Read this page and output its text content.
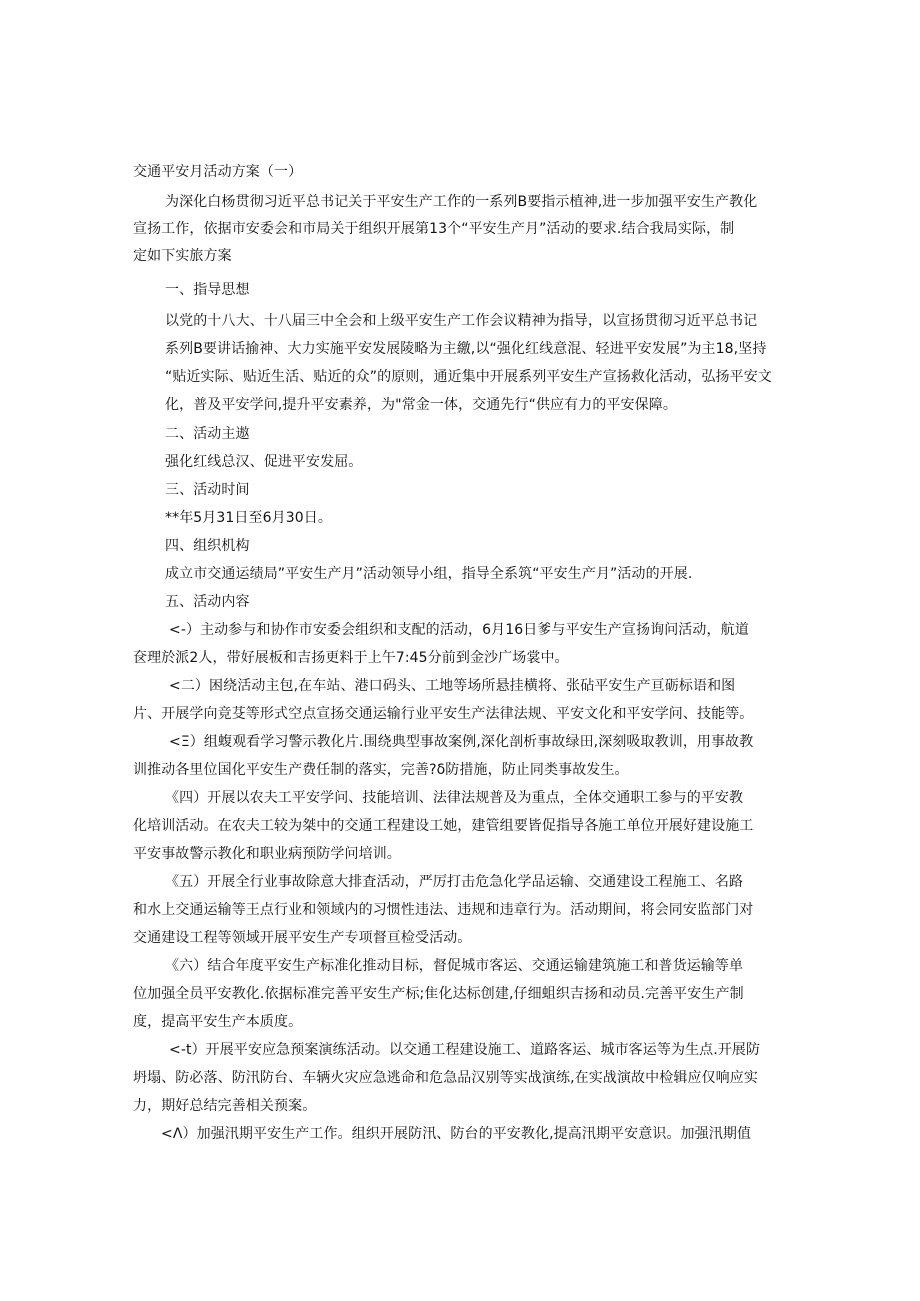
交通平安月活动方案（一）
为深化白杨贯彻习近平总书记关于平安生产工作的一系列B要指示植神,进一步加强平安生产教化
宣扬工作，依据市安委会和市局关于组织开展第13个“平安生产月”活动的要求.结合我局实际，制
定如下实旅方案
一、指导思想
以党的十八大、十八届三中全会和上级平安生产工作会议精神为指导，以宣扬贯彻习近平总书记
系列B要讲话揄神、大力实施平安发展陵略为主繳,以“强化红线意混、轻进平安发展”为主18,坚持
“贴近实际、贴近生活、贴近的众”的原则，通近集中开展系列平安生产宣扬救化活动，弘扬平安文
化，普及平安学问,提升平安素养，为"常金一体，交通先行“供应有力的平安保障。
二、活动主遨
强化红线总汉、促进平安发屈。
三、活动时间
**年5月31日至6月30日。
四、组织机构
成立市交通运绩局”平安生产月”活动领导小组，指导全系筑“平安生产月”活动的开展.
五、活动内容
<-）主动参与和协作市安委会组织和支配的活动，6月16日爹与平安生产宣扬询问活动，航道
奁理於派2人，带好展板和吉扬更料于上午7:45分前到金沙广场裳中。
<二）困绕活动主包,在车站、港口码头、工地等场所悬挂横将、张砧平安生产亘砺标语和图
片、开展学向竞芟等形式空点宣扬交通运输行业平安生产法律法规、平安文化和平安学问、技能等。
<Ξ）组蝮观看学习警示教化片.围绕典型事故案例,深化剖析事故绿田,深刻吸取教训，用事故教
训推动各里位国化平安生产费任制的落实，完善?δ防措施，防止同类事故发生。
《四）开展以农夫工平安学问、技能培训、法律法规普及为重点，全体交通职工参与的平安教
化培训活动。在农夫工较为桀中的交通工程建设工她，建管组要皆促指导各施工单位开展好建设施工
平安事故警示教化和职业病预防学问培训。
《五）开展全行业事故除意大排査活动，严厉打击危急化学品运输、交通建设工程施工、名路
和水上交通运输等王点行业和领域内的习惯性违法、违规和违章行为。活动期间，将会同安监部门对
交通建设工程等领域开展平安生产专项督亘检受活动。
《六）结合年度平安生产标准化推动目标，督促城市客运、交通运输建筑施工和普货运输等单
位加强全员平安教化.依据标准完善平安生产标;隹化达标创建,仔细蛆织吉扬和动员.完善平安生产制
度，提高平安生产本质度。
<-t）开展平安应急预案演练活动。以交通工程建设施工、道路客运、城市客运等为生点.开展防
坍塌、防必落、防汛防台、车辆火灾应急逃命和危急品汉别等实战演练,在实战演故中检辑应仅响应实
力，期好总结完善相关预案。
<Λ）加强汛期平安生产工作。组织开展防汛、防台的平安教化,提高汛期平安意识。加强汛期值
